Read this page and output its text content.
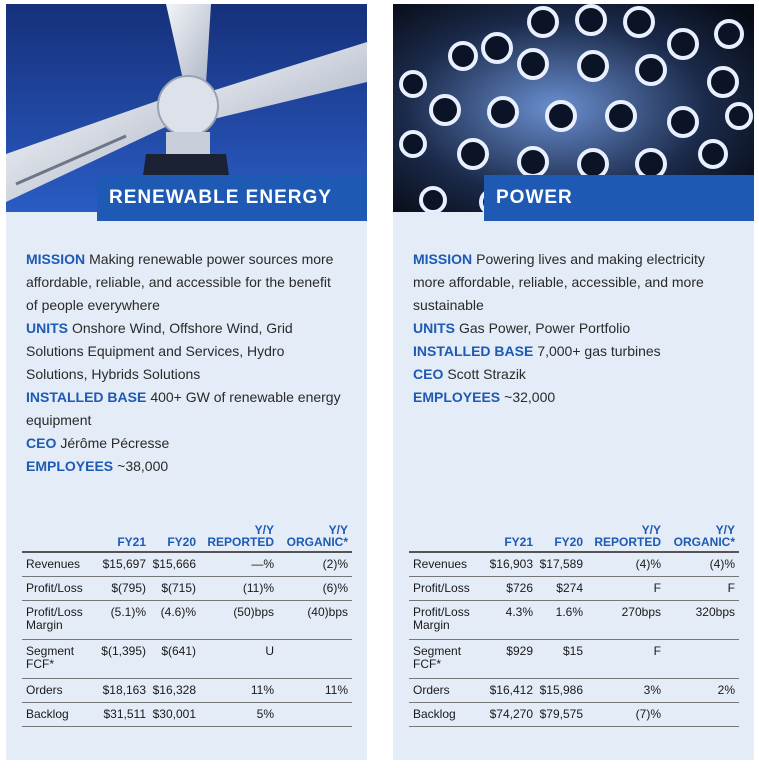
RENEWABLE ENERGY

MISSION Making renewable power sources more affordable, reliable, and accessible for the benefit of people everywhere

UNITS Onshore Wind, Offshore Wind, Grid Solutions Equipment and Services, Hydro Solutions, Hybrids Solutions

INSTALLED BASE 400+ GW of renewable energy equipment

CEO Jérôme Pécresse

EMPLOYEES ~38,000

	FY21	FY20	Y/Y REPORTED	Y/Y ORGANIC*
Revenues	$15,697	$15,666	—%	(2)%
Profit/Loss	$(795)	$(715)	(11)%	(6)%
Profit/Loss Margin	(5.1)%	(4.6)%	(50)bps	(40)bps
Segment FCF*	$(1,395)	$(641)	U	
Orders	$18,163	$16,328	11%	11%
Backlog	$31,511	$30,001	5%	
POWER

MISSION Powering lives and making electricity more affordable, reliable, accessible, and more sustainable

UNITS Gas Power, Power Portfolio

INSTALLED BASE 7,000+ gas turbines

CEO Scott Strazik

EMPLOYEES ~32,000

	FY21	FY20	Y/Y REPORTED	Y/Y ORGANIC*
Revenues	$16,903	$17,589	(4)%	(4)%
Profit/Loss	$726	$274	F	F
Profit/Loss Margin	4.3%	1.6%	270bps	320bps
Segment FCF*	$929	$15	F	
Orders	$16,412	$15,986	3%	2%
Backlog	$74,270	$79,575	(7)%	
